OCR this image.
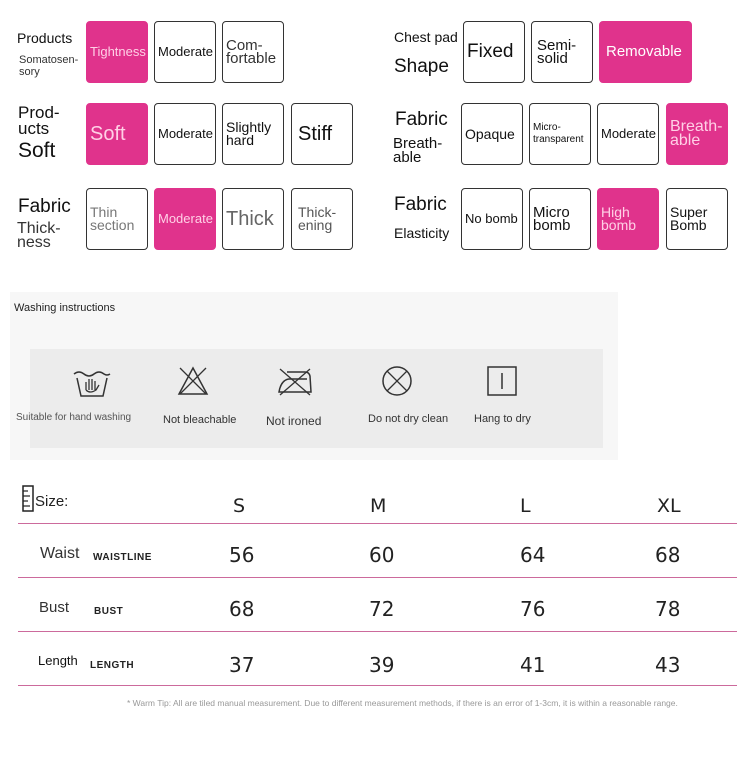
Products
Somatosen-
sory
Tightness Moderate Com-
fortable
Chest pad
Shape
Fixed	Semi-
solid	Removable
Prod-
ucts
Soft
Soft	Moderate Slightly
hard	Stiff
Fabric
Breath-
able
Opaque	Micro-
transparent	Moderate Breath-
able
Fabric
Thick-
ness
Thin
section	Moderate Thick	Thick-
ening
Fabric
Elasticity
No bomb	Micro
bomb
High
bomb
Super
Bomb
Washing instructions
Suitable for hand washing	Not bleachable Not ironed	Do not dry clean Hang to dry
Size:	S	M	L	XL
Waist WAISTLINE	56	60	64	68
Bust BUST	68	72	76	78
Length LENGTH	37	39	41	43
* Warm Tip: All are tiled manual measurement. Due to different measurement methods, if there is an error of 1-3cm, it is within a reasonable range.
